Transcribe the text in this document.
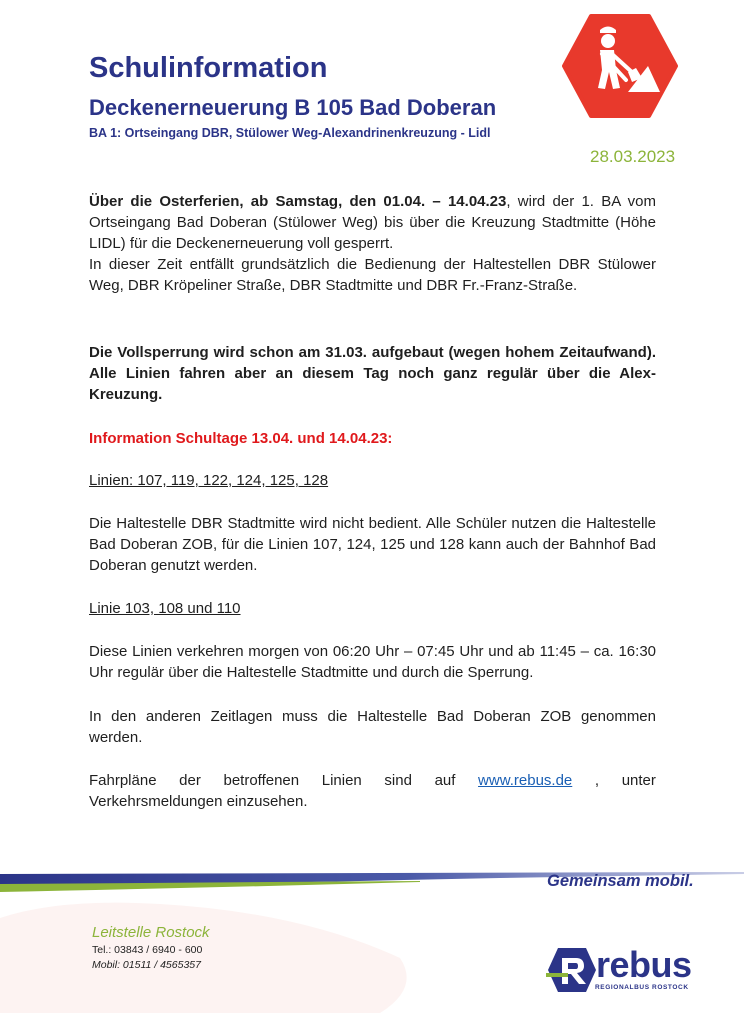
Schulinformation
Deckenerneuerung B 105 Bad Doberan
BA 1: Ortseingang DBR, Stülower Weg-Alexandrinenkreuzung - Lidl
28.03.2023
Über die Osterferien, ab Samstag, den 01.04. – 14.04.23, wird der 1. BA vom Ortseingang Bad Doberan (Stülower Weg) bis über die Kreuzung Stadtmitte (Höhe LIDL) für die Deckenerneuerung voll gesperrt.
In dieser Zeit entfällt grundsätzlich die Bedienung der Haltestellen DBR Stülower Weg, DBR Kröpeliner Straße, DBR Stadtmitte und DBR Fr.-Franz-Straße.
Die Vollsperrung wird schon am 31.03. aufgebaut (wegen hohem Zeitaufwand). Alle Linien fahren aber an diesem Tag noch ganz regulär über die Alex-Kreuzung.
Information Schultage 13.04. und 14.04.23:
Linien: 107, 119, 122, 124, 125, 128
Die Haltestelle DBR Stadtmitte wird nicht bedient. Alle Schüler nutzen die Haltestelle Bad Doberan ZOB, für die Linien 107, 124, 125 und 128 kann auch der Bahnhof Bad Doberan genutzt werden.
Linie 103, 108 und 110
Diese Linien verkehren morgen von 06:20 Uhr – 07:45 Uhr und ab 11:45 – ca. 16:30 Uhr regulär über die Haltestelle Stadtmitte und durch die Sperrung.
In den anderen Zeitlagen muss die Haltestelle Bad Doberan ZOB genommen werden.
Fahrpläne der betroffenen Linien sind auf www.rebus.de , unter
Verkehrsmeldungen einzusehen.
Gemeinsam mobil.
Leitstelle Rostock
Tel.: 03843 / 6940 - 600
Mobil: 01511 / 4565357	rebus
REGIONALBUS ROSTOCK
